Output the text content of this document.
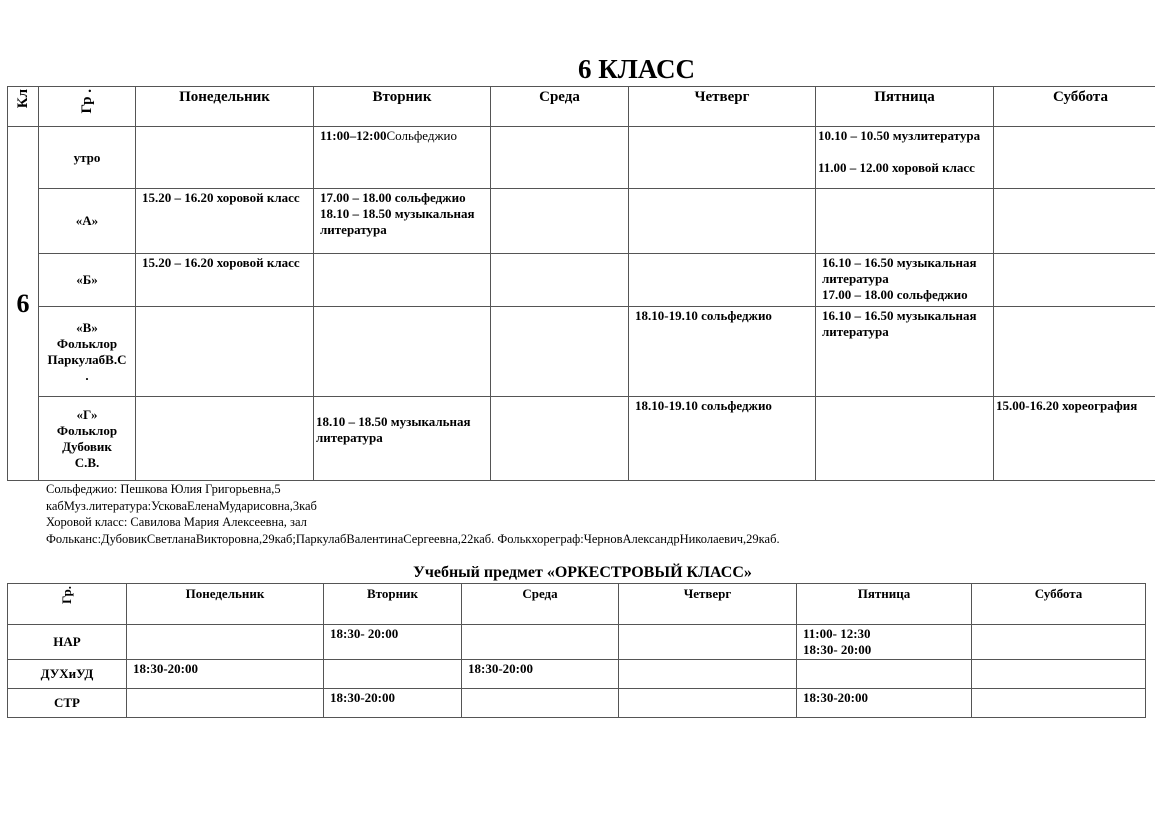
6 КЛАСС
Кл	Гр .	Понедельник	Вторник	Среда	Четверг	Пятница	Суббота
6	утро		11:00–12:00Сольфеджио			10.10 – 10.50 музлитература

11.00 – 12.00 хоровой класс	

	«А»	15.20 – 16.20 хоровой класс	17.00 – 18.00 сольфеджио
18.10 – 18.50 музыкальная литература				

	«Б»	15.20 – 16.20 хоровой класс				16.10 – 16.50 музыкальная литература
17.00 – 18.00 сольфеджио	

	«В»
Фольклор
ПаркулабВ.С
.				18.10-19.10 сольфеджио	16.10 – 16.50 музыкальная литература	

	«Г»
Фольклор
Дубовик
С.В.		18.10 – 18.50 музыкальная литература		18.10-19.10 сольфеджио		15.00-16.20 хореография
Сольфеджио: Пешкова Юлия Григорьевна,5
кабМуз.литература:УсковаЕленаМударисовна,3каб
Хоровой класс: Савилова Мария Алексеевна, зал
Фольканс:ДубовикСветланаВикторовна,29каб;ПаркулабВалентинаСергеевна,22каб. Фолькхореграф:ЧерновАлександрНиколаевич,29каб.
Учебный предмет «ОРКЕСТРОВЫЙ КЛАСС»
Гр.	Понедельник	Вторник	Среда	Четверг	Пятница	Суббота
НАР		18:30- 20:00			11:00- 12:30
18:30- 20:00	

ДУХиУД	18:30-20:00		18:30-20:00			

СТР		18:30-20:00			18:30-20:00	
